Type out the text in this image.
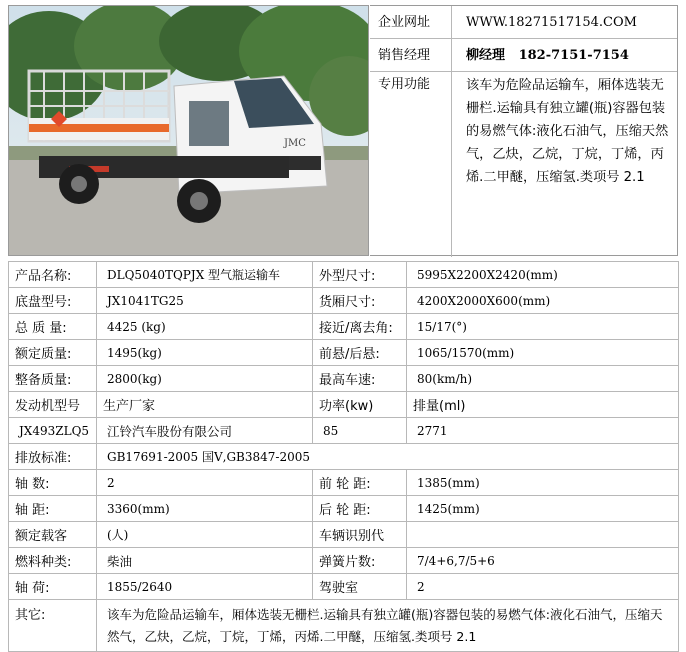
JMC
企业网址	WWW.18271517154.COM
销售经理	柳经理 182-7151-7154
专用功能	该车为危险品运输车，厢体选装无栅栏.运输具有独立罐(瓶)容器包装的易燃气体:液化石油气，压缩天然气，乙炔，乙烷，丁烷，丁烯，丙烯.二甲醚，压缩氢.类项号 2.1
产品名称:	DLQ5040TQPJX 型气瓶运输车	外型尺寸:	5995X2200X2420(mm)
底盘型号:	JX1041TG25	货厢尺寸:	4200X2000X600(mm)
总 质 量:	4425 (kg)	接近/离去角:	15/17(°)
额定质量:	1495(kg)	前悬/后悬:	1065/1570(mm)
整备质量:	2800(kg)	最高车速:	80(km/h)
发动机型号	生产厂家	功率(kw)	排量(ml)
JX493ZLQ5	江铃汽车股份有限公司	85	2771
排放标准:	GB17691-2005 国Ⅴ,GB3847-2005		
轴 数:	2	前 轮 距:	1385(mm)
轴 距:	3360(mm)	后 轮 距:	1425(mm)
额定载客	(人)	车辆识别代	
燃料种类:	柴油	弹簧片数:	7/4+6,7/5+6
轴 荷:	1855/2640	驾驶室	2
其它:	该车为危险品运输车，厢体选装无栅栏.运输具有独立罐(瓶)容器包装的易燃气体:液化石油气，压缩天然气，乙炔，乙烷，丁烷，丁烯，丙烯.二甲醚，压缩氢.类项号 2.1		
